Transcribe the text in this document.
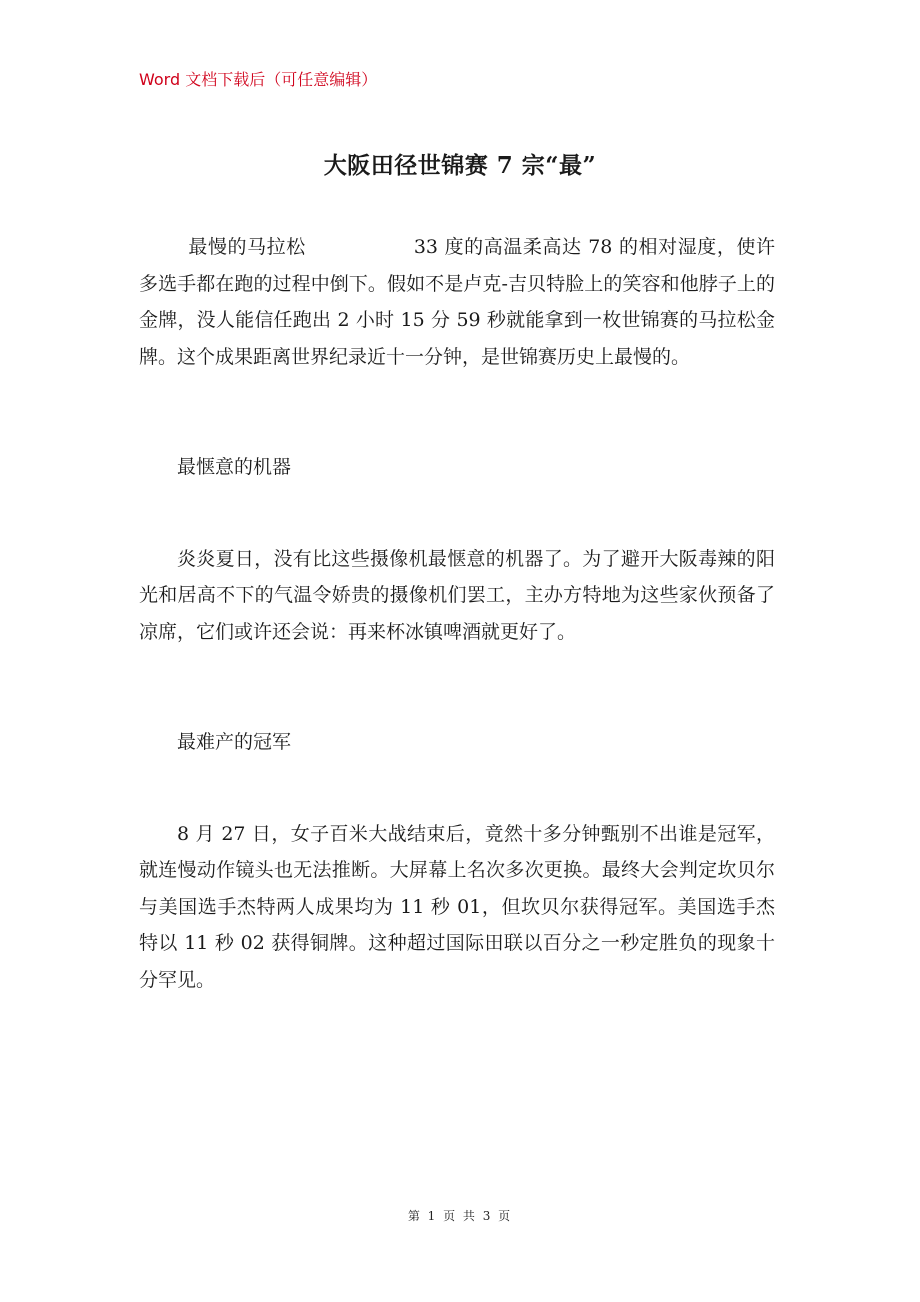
Word 文档下载后（可任意编辑）
大阪田径世锦赛 7 宗“最”

最慢的马拉松	33 度的高温柔高达 78 的相对湿度，使许多选手都在跑的过程中倒下。假如不是卢克-吉贝特脸上的笑容和他脖子上的金牌，没人能信任跑出 2 小时 15 分 59 秒就能拿到一枚世锦赛的马拉松金牌。这个成果距离世界纪录近十一分钟，是世锦赛历史上最慢的。

最惬意的机器

炎炎夏日，没有比这些摄像机最惬意的机器了。为了避开大阪毒辣的阳光和居高不下的气温令娇贵的摄像机们罢工，主办方特地为这些家伙预备了凉席，它们或许还会说：再来杯冰镇啤酒就更好了。

最难产的冠军

8 月 27 日，女子百米大战结束后，竟然十多分钟甄别不出谁是冠军，就连慢动作镜头也无法推断。大屏幕上名次多次更换。最终大会判定坎贝尔与美国选手杰特两人成果均为 11 秒 01，但坎贝尔获得冠军。美国选手杰特以 11 秒 02 获得铜牌。这种超过国际田联以百分之一秒定胜负的现象十分罕见。

第 1 页 共 3 页
